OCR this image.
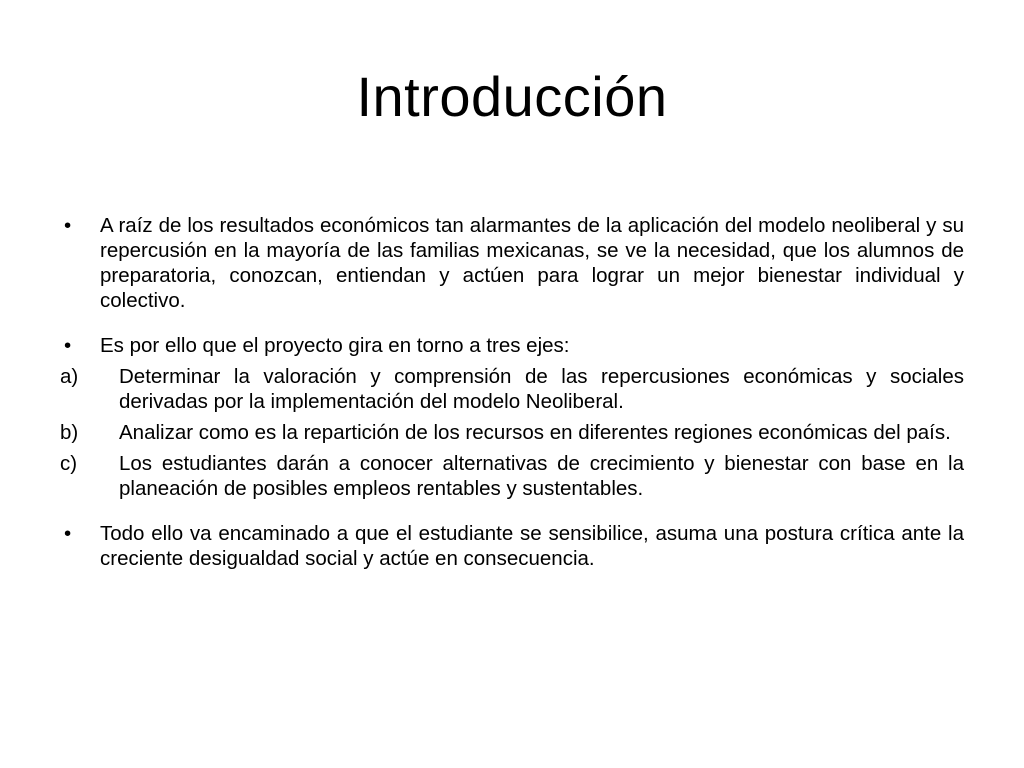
Introducción
•	A raíz de los resultados económicos tan alarmantes de la aplicación del modelo neoliberal y su repercusión en la mayoría de las familias mexicanas, se ve la necesidad, que los alumnos de preparatoria, conozcan, entiendan y actúen para lograr un mejor bienestar individual y colectivo.
•	Es por ello que el proyecto gira en torno a tres ejes:
a)	Determinar la valoración y comprensión de las repercusiones económicas y sociales derivadas por la implementación del modelo Neoliberal.
b)	Analizar como es la repartición de los recursos en diferentes regiones económicas del país.
c)	Los estudiantes darán a conocer alternativas de crecimiento y bienestar con base en la planeación de posibles empleos rentables y sustentables.
•	Todo ello va encaminado a que el estudiante se sensibilice, asuma una postura crítica ante la creciente desigualdad social y actúe en consecuencia.
